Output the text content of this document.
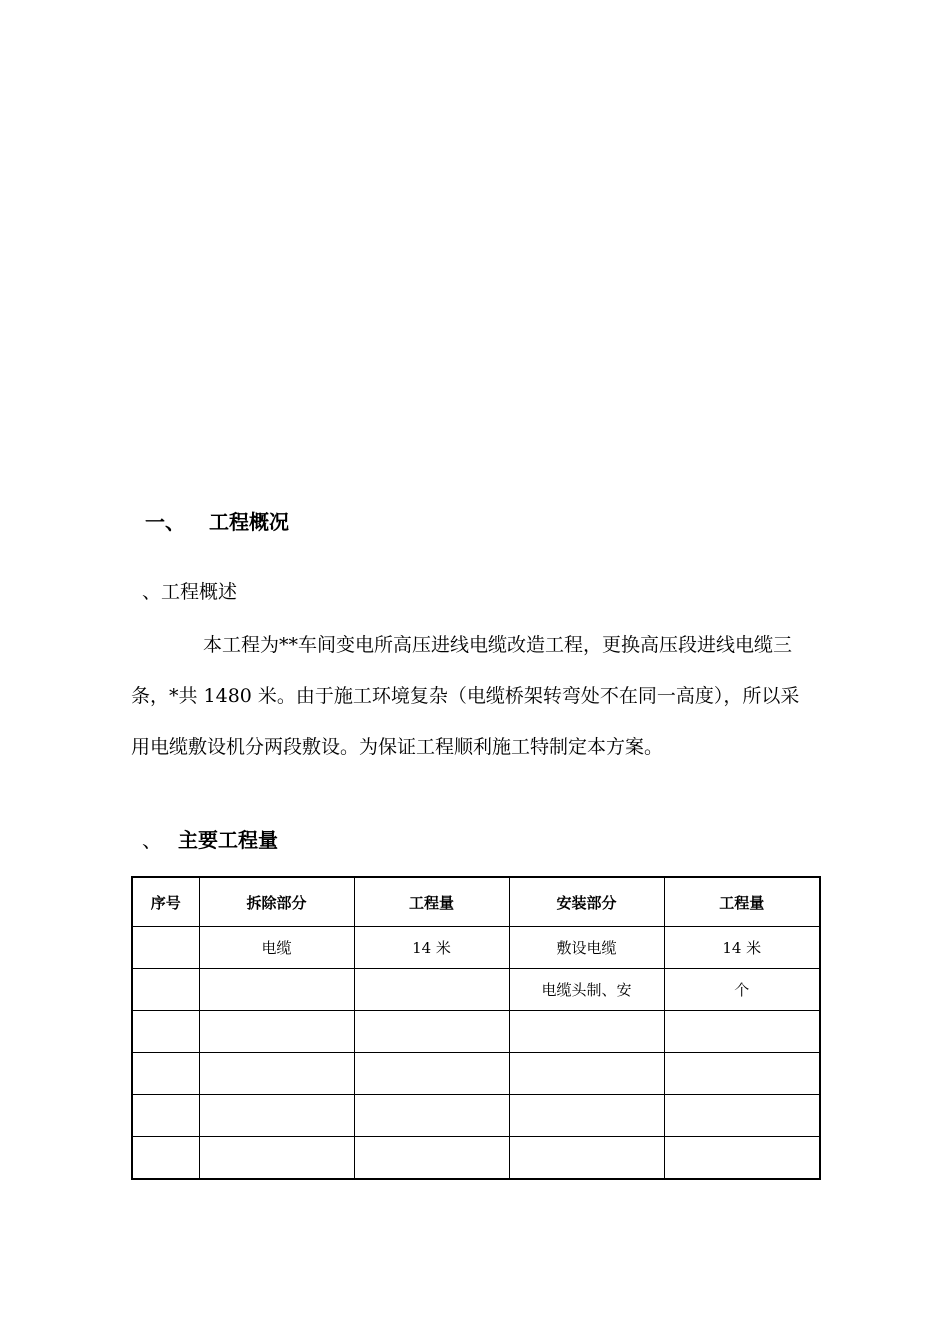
一、 工程概况
、工程概述

本工程为**车间变电所高压进线电缆改造工程，更换高压段进线电缆三条，*共 1480 米。由于施工环境复杂（电缆桥架转弯处不在同一高度），所以采用电缆敷设机分两段敷设。为保证工程顺利施工特制定本方案。

、 主要工程量
序号	拆除部分	工程量	安装部分	工程量
	电缆	14 米	敷设电缆	14 米
			电缆头制、安	个
